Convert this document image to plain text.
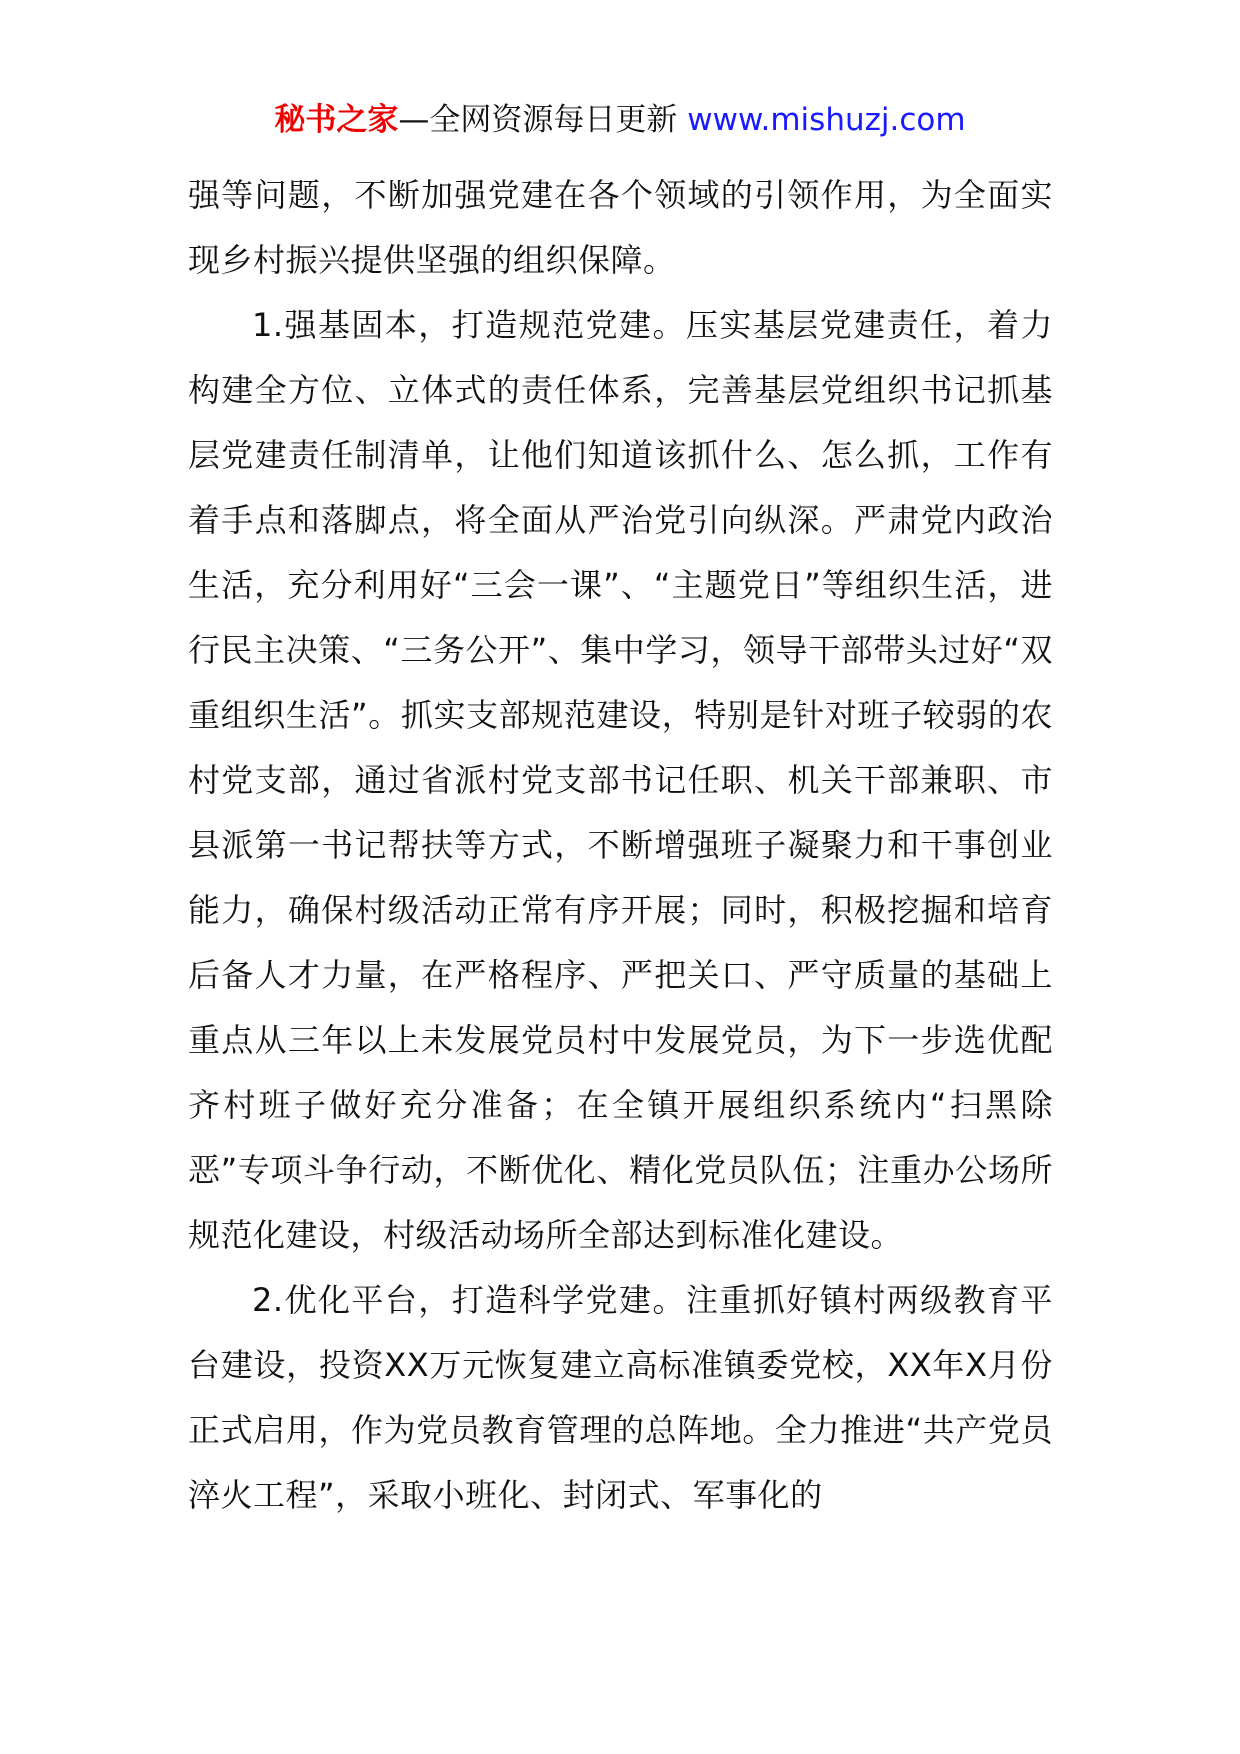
秘书之家—全网资源每日更新 www.mishuzj.com

强等问题，不断加强党建在各个领域的引领作用，为全面实现乡村振兴提供坚强的组织保障。

1.强基固本，打造规范党建。压实基层党建责任，着力构建全方位、立体式的责任体系，完善基层党组织书记抓基层党建责任制清单，让他们知道该抓什么、怎么抓，工作有着手点和落脚点，将全面从严治党引向纵深。严肃党内政治生活，充分利用好“三会一课”、“主题党日”等组织生活，进行民主决策、“三务公开”、集中学习，领导干部带头过好“双重组织生活”。抓实支部规范建设，特别是针对班子较弱的农村党支部，通过省派村党支部书记任职、机关干部兼职、市县派第一书记帮扶等方式，不断增强班子凝聚力和干事创业能力，确保村级活动正常有序开展；同时，积极挖掘和培育后备人才力量，在严格程序、严把关口、严守质量的基础上重点从三年以上未发展党员村中发展党员，为下一步选优配齐村班子做好充分准备；在全镇开展组织系统内“扫黑除恶”专项斗争行动，不断优化、精化党员队伍；注重办公场所规范化建设，村级活动场所全部达到标准化建设。

2.优化平台，打造科学党建。注重抓好镇村两级教育平台建设，投资XX万元恢复建立高标准镇委党校，XX年X月份正式启用，作为党员教育管理的总阵地。全力推进“共产党员淬火工程”，采取小班化、封闭式、军事化的
